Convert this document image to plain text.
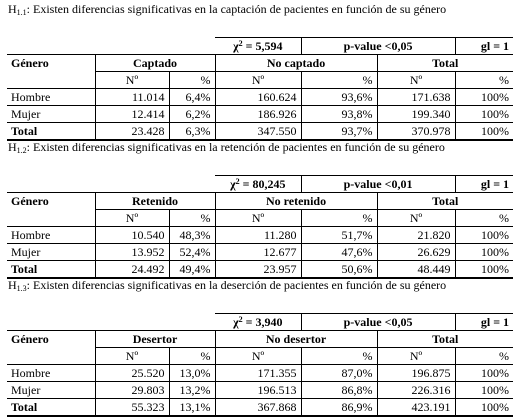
$H_{1.1}$: Existen diferencias significativas en la captación de pacientes en función de su género
			$\chi^2 = 5,594$	p-value <0,05		gl = 1
Género	Captado		No captado		Total	
	Nº	%	Nº	%	Nº	%
Hombre	11.014	6,4%	160.624	93,6%	171.638	100%
Mujer	12.414	6,2%	186.926	93,8%	199.340	100%
Total	23.428	6,3%	347.550	93,7%	370.978	100%
$H_{1.2}$: Existen diferencias significativas en la retención de pacientes en función de su género
			$\chi^2 = 80,245$	p-value <0,01		gl = 1
Género	Retenido		No retenido		Total	
	Nº	%	Nº	%	Nº	%
Hombre	10.540	48,3%	11.280	51,7%	21.820	100%
Mujer	13.952	52,4%	12.677	47,6%	26.629	100%
Total	24.492	49,4%	23.957	50,6%	48.449	100%
$H_{1.3}$: Existen diferencias significativas en la deserción de pacientes en función de su género
			$\chi^2 = 3,940$	p-value <0,05		gl = 1
Género	Desertor		No desertor		Total	
	Nº	%	Nº	%	Nº	%
Hombre	25.520	13,0%	171.355	87,0%	196.875	100%
Mujer	29.803	13,2%	196.513	86,8%	226.316	100%
Total	55.323	13,1%	367.868	86,9%	423.191	100%
